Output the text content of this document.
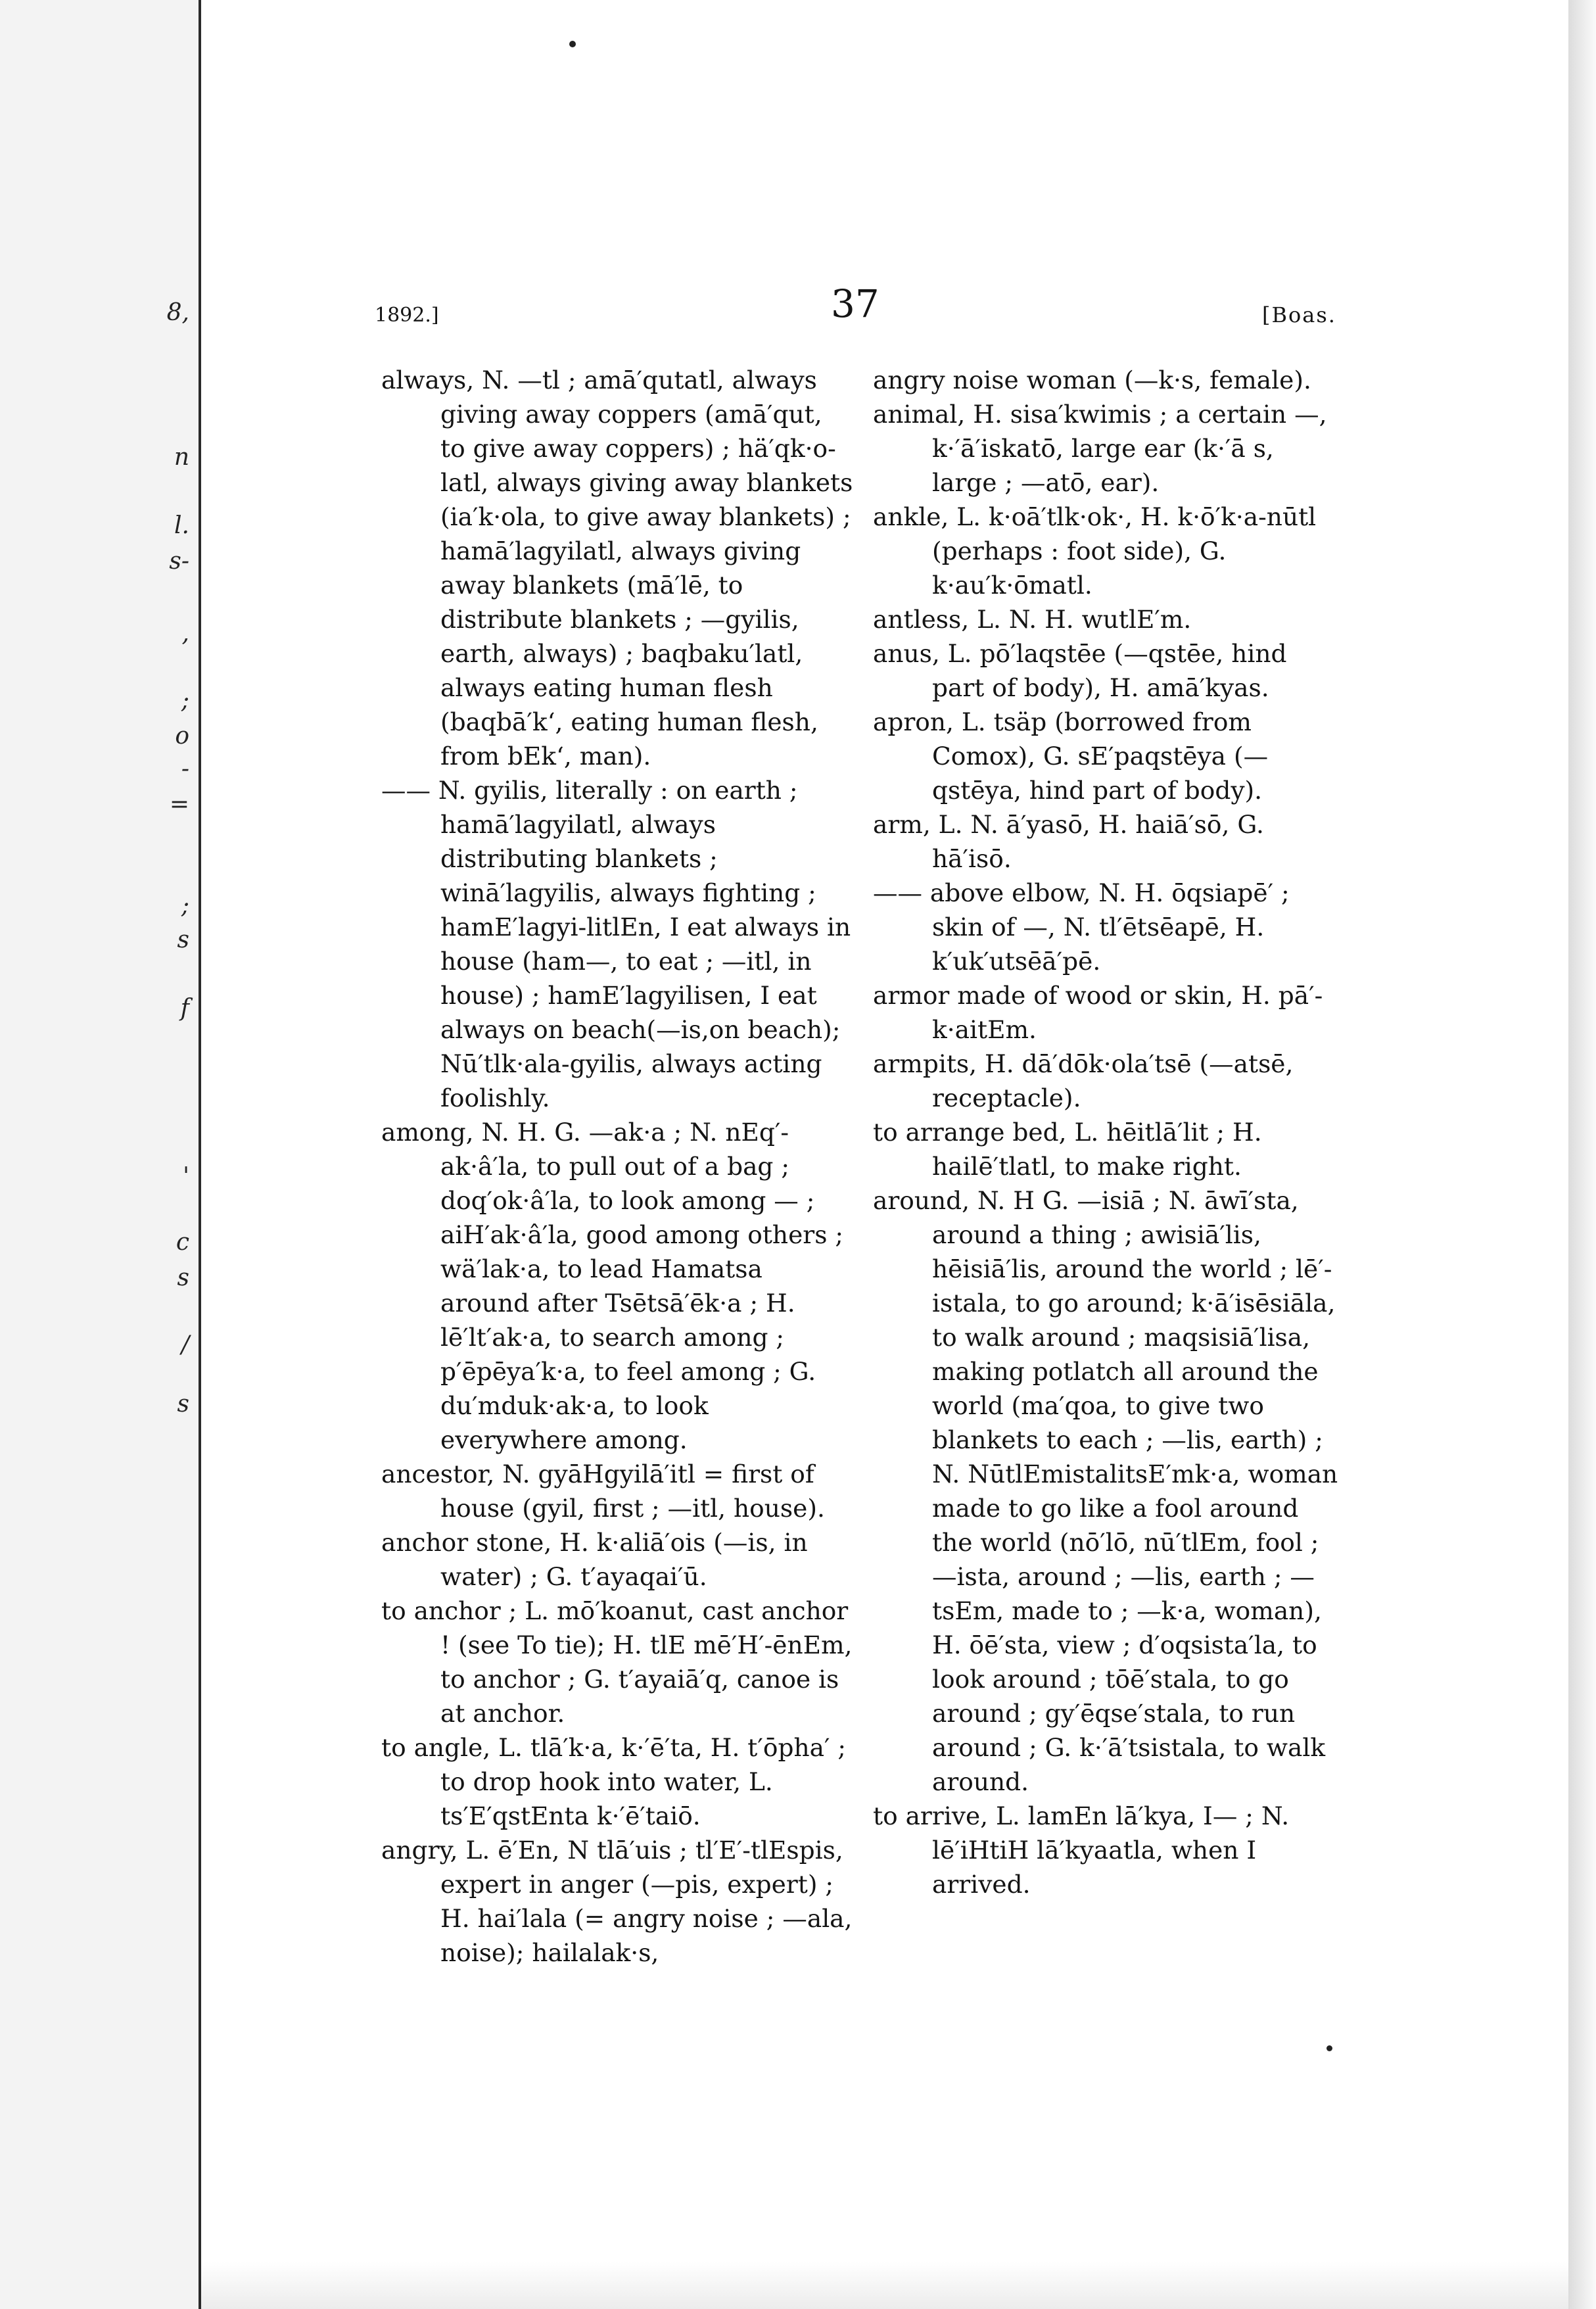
8,
n
l.
s-
,
;
o
-
=
;
s
f
'
c
s
/
s
1892.]	37	[Boas.

always, N. —tl ; amā′qutatl, always giving away coppers (amā′qut, to give away coppers) ; hä′qk·o-latl, always giving away blankets (ia′k·ola, to give away blankets) ; hamā′lagyilatl, always giving away blankets (mā′lē, to distribute blankets ; —gyilis, earth, always) ; baqbaku′latl, always eating human flesh (baqbā′k‘, eating human flesh, from bEk‘, man).

—— N. gyilis, literally : on earth ; hamā′lagyilatl, always distributing blankets ; winā′lagyilis, always fighting ; hamE′lagyi-litlEn, I eat always in house (ham—, to eat ; —itl, in house) ; hamE′lagyilisen, I eat always on beach(—is,on beach); Nū′tlk·ala-gyilis, always acting foolishly.

among, N. H. G. —ak·a ; N. nEq′-ak·â′la, to pull out of a bag ; doq′ok·â′la, to look among — ; aiH′ak·â′la, good among others ; wä′lak·a, to lead Hamatsa around after Tsētsā′ēk·a ; H. lē′lt′ak·a, to search among ; p′ēpēya′k·a, to feel among ; G. du′mduk·ak·a, to look everywhere among.

ancestor, N. gyāHgyilā′itl = first of house (gyil, first ; —itl, house).

anchor stone, H. k·aliā′ois (—is, in water) ; G. t′ayaqai′ū.

to anchor ; L. mō′koanut, cast anchor ! (see To tie); H. tlE mē′H′-ēnEm, to anchor ; G. t′ayaiā′q, canoe is at anchor.

to angle, L. tlā′k·a, k·′ē′ta, H. t′ōpha′ ; to drop hook into water, L. ts′E′qstEnta k·′ē′taiō.

angry, L. ē′En, N tlā′uis ; tl′E′-tlEspis, expert in anger (—pis, expert) ; H. hai′lala (= angry noise ; —ala, noise); hailalak·s,

angry noise woman (—k·s, female).

animal, H. sisa′kwimis ; a certain —, k·′ā′iskatō, large ear (k·′ā s, large ; —atō, ear).

ankle, L. k·oā′tlk·ok·, H. k·ō′k·a-nūtl (perhaps : foot side), G. k·au′k·ōmatl.

antless, L. N. H. wutlE′m.

anus, L. pō′laqstēe (—qstēe, hind part of body), H. amā′kyas.

apron, L. tsäp (borrowed from Comox), G. sE′paqstēya (—qstēya, hind part of body).

arm, L. N. ā′yasō, H. haiā′sō, G. hā′isō.

—— above elbow, N. H. ōqsiapē′ ; skin of —, N. tl′ētsēapē, H. k′uk′utsēā′pē.

armor made of wood or skin, H. pā′-k·aitEm.

armpits, H. dā′dōk·ola′tsē (—atsē, receptacle).

to arrange bed, L. hēitlā′lit ; H. hailē′tlatl, to make right.

around, N. H G. —isiā ; N. āwī′sta, around a thing ; awisiā′lis, hēisiā′lis, around the world ; lē′-istala, to go around; k·ā′isēsiāla, to walk around ; maqsisiā′lisa, making potlatch all around the world (ma′qoa, to give two blankets to each ; —lis, earth) ; N. NūtlEmistalitsE′mk·a, woman made to go like a fool around the world (nō′lō, nū′tlEm, fool ; —ista, around ; —lis, earth ; —tsEm, made to ; —k·a, woman), H. ōē′sta, view ; d′oqsista′la, to look around ; tōē′stala, to go around ; gy′ēqse′stala, to run around ; G. k·′ā′tsistala, to walk around.

to arrive, L. lamEn lā′kya, I— ; N. lē′iHtiH lā′kyaatla, when I arrived.
